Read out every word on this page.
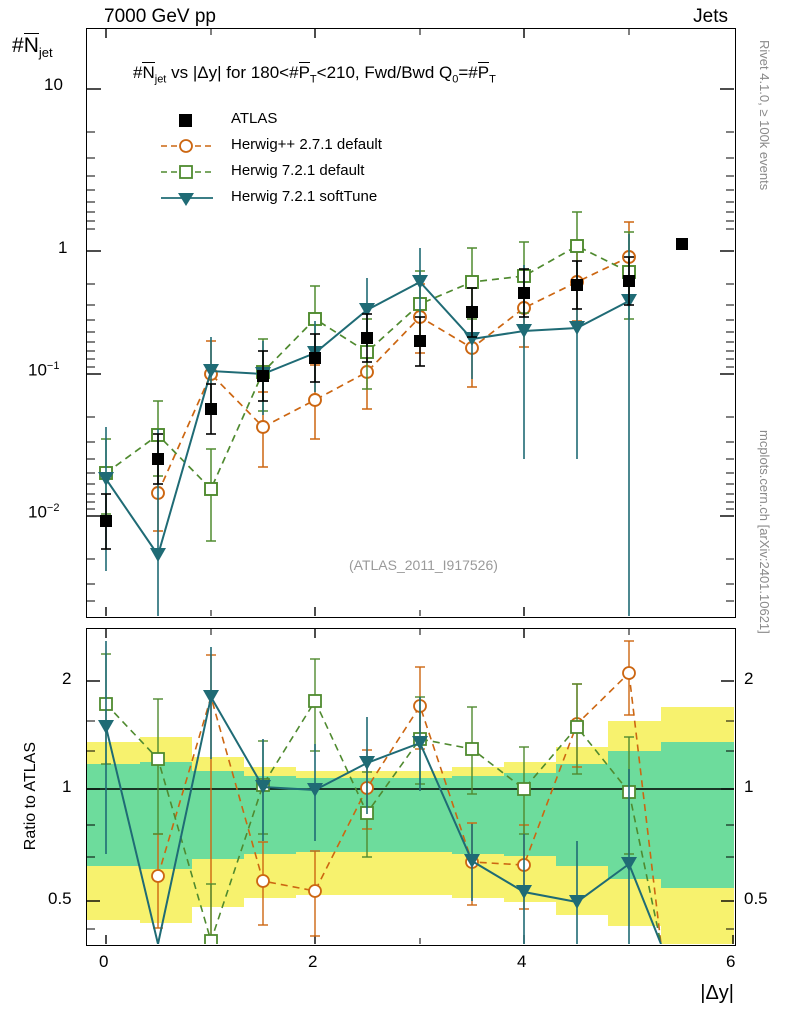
7000 GeV pp	Jets
Rivet 4.1.0, ≥ 100k events
mcplots.cern.ch [arXiv:2401.10621]
$\#N_{jet}$
Ratio to ATLAS
|Δy|
$\#N_{jet}$ vs |Δy| for $180<\#P_T<210$, Fwd/Bwd $Q_0=\#P_T$
ATLAS
Herwig++ 2.7.1 default
Herwig 7.2.1 default
Herwig 7.2.1 softTune
(ATLAS_2011_I917526)
10
1
$10^{-1}$
$10^{-2}$
2
1
0.5
2
1
0.5
0	2	4	6
